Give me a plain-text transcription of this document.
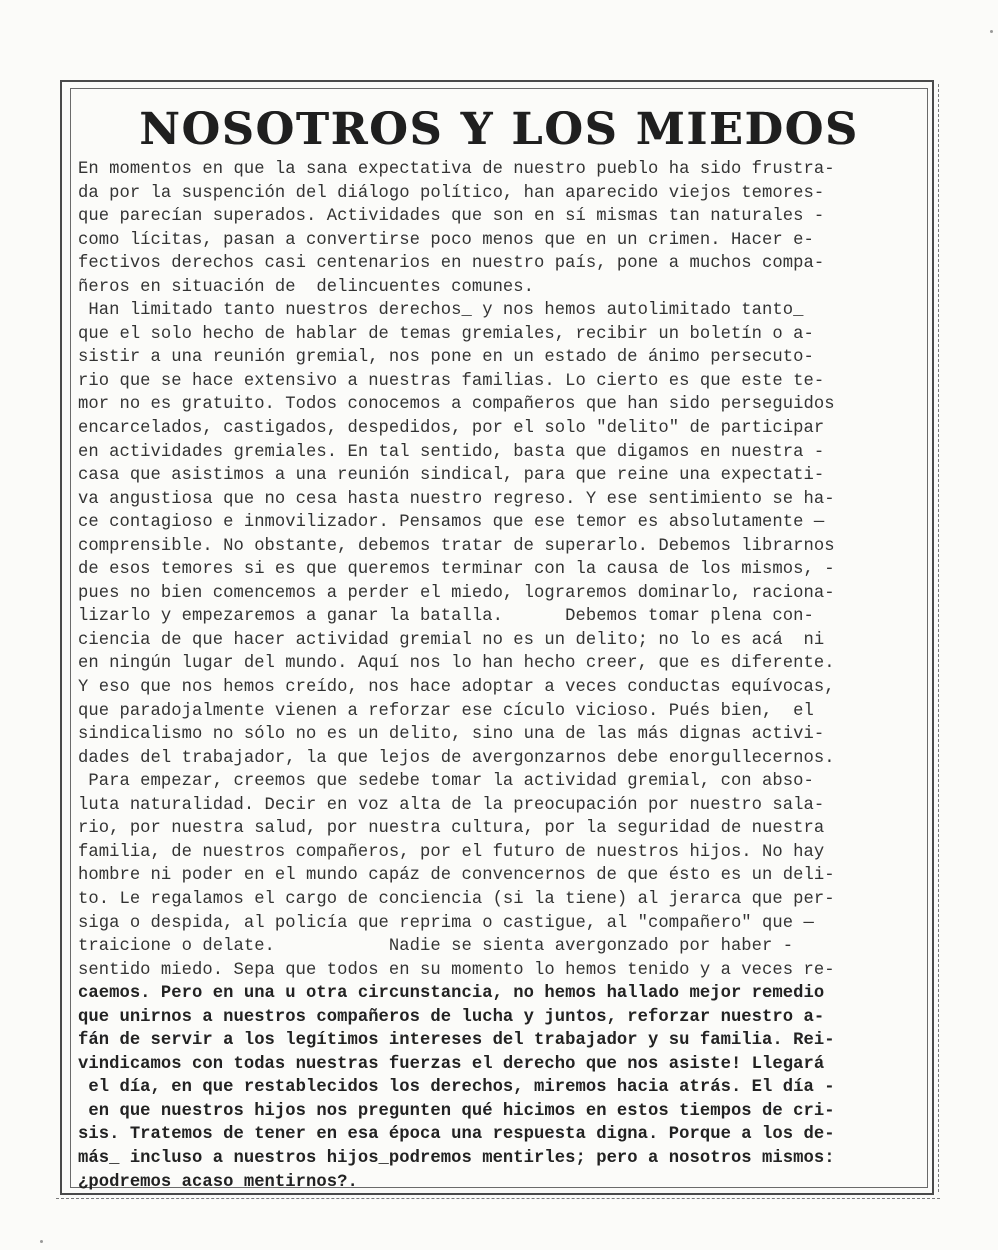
NOSOTROS Y LOS MIEDOS
En momentos en que la sana expectativa de nuestro pueblo ha sido frustra-
da por la suspención del diálogo político, han aparecido viejos temores-
que parecían superados. Actividades que son en sí mismas tan naturales -
como lícitas, pasan a convertirse poco menos que en un crimen. Hacer e-
fectivos derechos casi centenarios en nuestro país, pone a muchos compa-
ñeros en situación de  delincuentes comunes.
Han limitado tanto nuestros derechos_ y nos hemos autolimitado tanto_
que el solo hecho de hablar de temas gremiales, recibir un boletín o a-
sistir a una reunión gremial, nos pone en un estado de ánimo persecuto-
rio que se hace extensivo a nuestras familias. Lo cierto es que este te-
mor no es gratuito. Todos conocemos a compañeros que han sido perseguidos
encarcelados, castigados, despedidos, por el solo "delito" de participar
en actividades gremiales. En tal sentido, basta que digamos en nuestra -
casa que asistimos a una reunión sindical, para que reine una expectati-
va angustiosa que no cesa hasta nuestro regreso. Y ese sentimiento se ha-
ce contagioso e inmovilizador. Pensamos que ese temor es absolutamente —
comprensible. No obstante, debemos tratar de superarlo. Debemos librarnos
de esos temores si es que queremos terminar con la causa de los mismos, -
pues no bien comencemos a perder el miedo, lograremos dominarlo, raciona-
lizarlo y empezaremos a ganar la batalla.      Debemos tomar plena con-
ciencia de que hacer actividad gremial no es un delito; no lo es acá  ni
en ningún lugar del mundo. Aquí nos lo han hecho creer, que es diferente.
Y eso que nos hemos creído, nos hace adoptar a veces conductas equívocas,
que paradojalmente vienen a reforzar ese cículo vicioso. Pués bien,  el
sindicalismo no sólo no es un delito, sino una de las más dignas activi-
dades del trabajador, la que lejos de avergonzarnos debe enorgullecernos.
Para empezar, creemos que sedebe tomar la actividad gremial, con abso-
luta naturalidad. Decir en voz alta de la preocupación por nuestro sala-
rio, por nuestra salud, por nuestra cultura, por la seguridad de nuestra
familia, de nuestros compañeros, por el futuro de nuestros hijos. No hay
hombre ni poder en el mundo capáz de convencernos de que ésto es un deli-
to. Le regalamos el cargo de conciencia (si la tiene) al jerarca que per-
siga o despida, al policía que reprima o castigue, al "compañero" que —
traicione o delate.           Nadie se sienta avergonzado por haber -
sentido miedo. Sepa que todos en su momento lo hemos tenido y a veces re-
caemos. Pero en una u otra circunstancia, no hemos hallado mejor remedio
que unirnos a nuestros compañeros de lucha y juntos, reforzar nuestro a-
fán de servir a los legítimos intereses del trabajador y su familia. Rei-
vindicamos con todas nuestras fuerzas el derecho que nos asiste! Llegará
el día, en que restablecidos los derechos, miremos hacia atrás. El día -
en que nuestros hijos nos pregunten qué hicimos en estos tiempos de cri-
sis. Tratemos de tener en esa época una respuesta digna. Porque a los de-
más_ incluso a nuestros hijos_podremos mentirles; pero a nosotros mismos:
¿podremos acaso mentirnos?.
